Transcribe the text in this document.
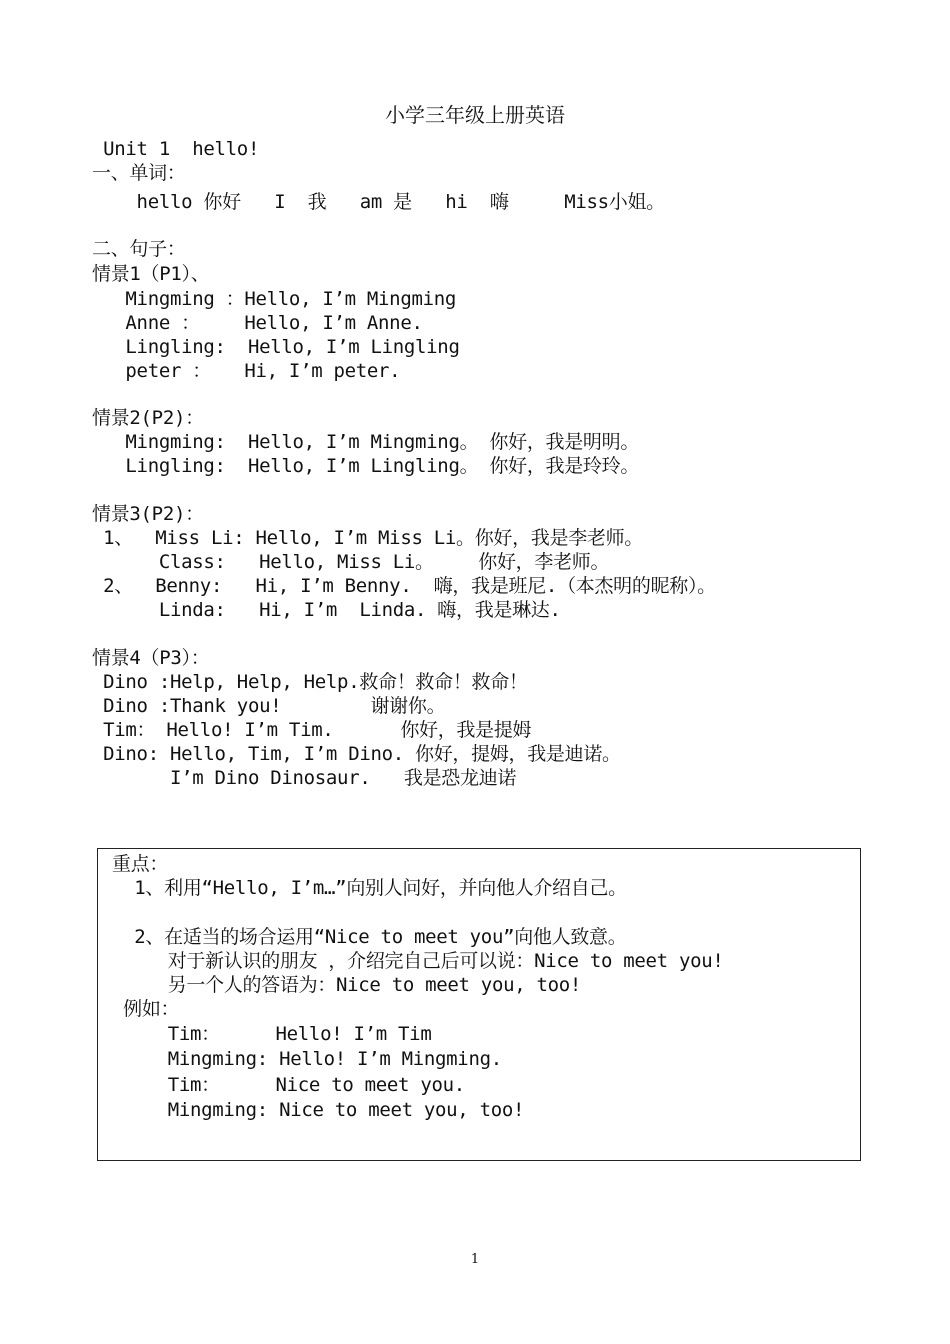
小学三年级上册英语
Unit 1  hello!
一、单词：
hello 你好   I  我   am 是   hi  嗨     Miss小姐。
二、句子：
情景1（P1）、
Mingming ：Hello, I’m Mingming
Anne ：    Hello, I’m Anne.
Lingling:  Hello, I’m Lingling
peter ：   Hi, I’m peter.
情景2(P2)：
Mingming:  Hello, I’m Mingming。 你好，我是明明。
Lingling:  Hello, I’m Lingling。 你好，我是玲玲。
情景3(P2)：
1、  Miss Li: Hello, I’m Miss Li。你好，我是李老师。
Class:   Hello, Miss Li。    你好，李老师。
2、  Benny:   Hi, I’m Benny.  嗨，我是班尼.（本杰明的昵称）。
Linda:   Hi, I’m  Linda. 嗨，我是琳达.
情景4（P3）：
Dino :Help, Help, Help.救命！救命！救命！
Dino :Thank you!        谢谢你。
Tim： Hello! I’m Tim.      你好，我是提姆
Dino: Hello, Tim, I’m Dino. 你好，提姆，我是迪诺。
I’m Dino Dinosaur.   我是恐龙迪诺
重点：
1、利用“Hello, I’m…”向别人问好，并向他人介绍自己。
2、在适当的场合运用“Nice to meet you”向他人致意。
对于新认识的朋友 ，介绍完自己后可以说：Nice to meet you!
另一个人的答语为：Nice to meet you, too!
例如：
Tim：     Hello! I’m Tim
Mingming: Hello! I’m Mingming.
Tim：     Nice to meet you.
Mingming: Nice to meet you, too!
1
